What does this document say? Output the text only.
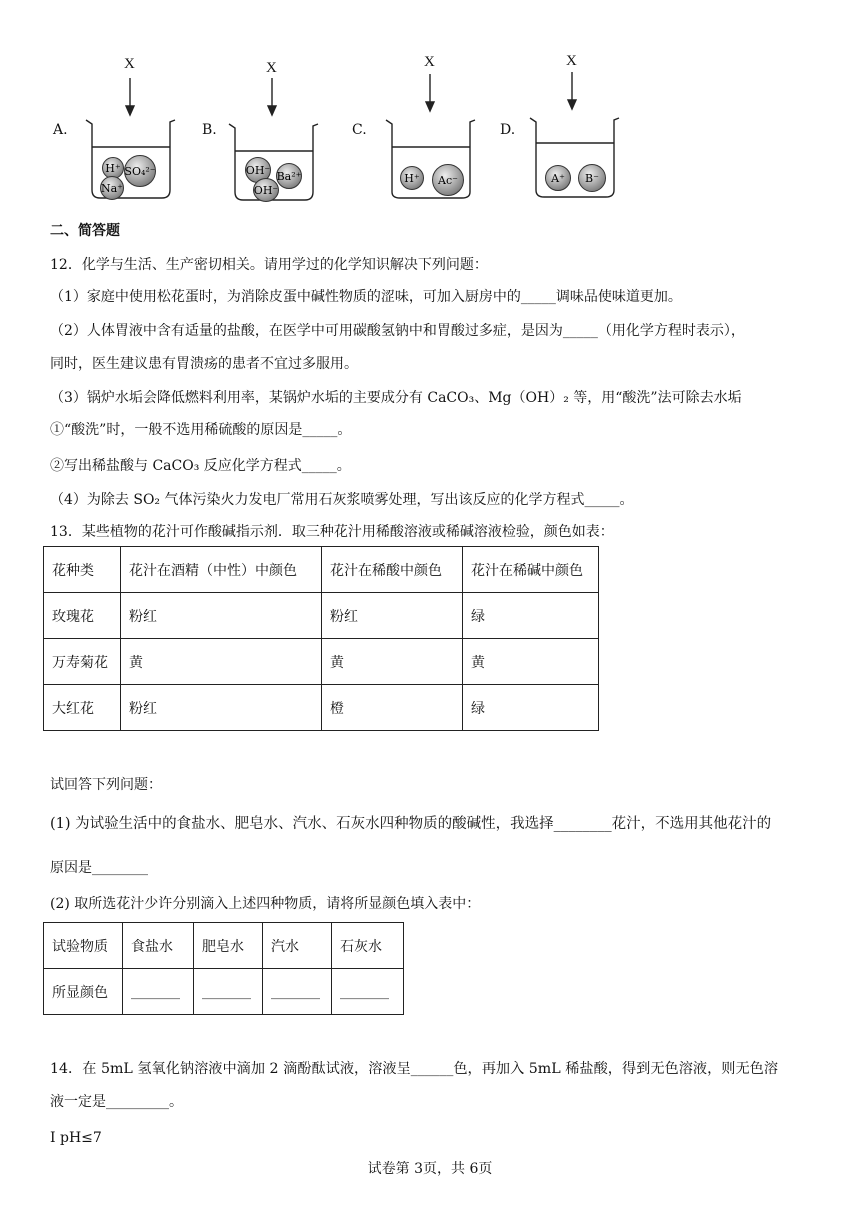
X	X	X	X
A.	B.	C.	D.
H⁺ SO₄²⁻
Na⁺
OH⁻ Ba²⁺
OH⁻
H⁺	Ac⁻	A⁺	B⁻
二、简答题
12．化学与生活、生产密切相关。请用学过的化学知识解决下列问题：
（1）家庭中使用松花蛋时，为消除皮蛋中碱性物质的涩味，可加入厨房中的_____调味品使味道更加。
（2）人体胃液中含有适量的盐酸，在医学中可用碳酸氢钠中和胃酸过多症，是因为_____（用化学方程时表示），
同时，医生建议患有胃溃疡的患者不宜过多服用。
（3）锅炉水垢会降低燃料利用率，某锅炉水垢的主要成分有 CaCO₃、Mg（OH）₂ 等，用“酸洗”法可除去水垢
①“酸洗”时，一般不选用稀硫酸的原因是_____。
②写出稀盐酸与 CaCO₃ 反应化学方程式_____。
（4）为除去 SO₂ 气体污染火力发电厂常用石灰浆喷雾处理，写出该反应的化学方程式_____。
13．某些植物的花汁可作酸碱指示剂．取三种花汁用稀酸溶液或稀碱溶液检验，颜色如表：
花种类	花汁在酒精（中性）中颜色	花汁在稀酸中颜色	花汁在稀碱中颜色
玫瑰花	粉红	粉红	绿
万寿菊花	黄	黄	黄
大红花	粉红	橙	绿
试回答下列问题：
(1) 为试验生活中的食盐水、肥皂水、汽水、石灰水四种物质的酸碱性，我选择________花汁，不选用其他花汁的
原因是________
(2) 取所选花汁少许分别滴入上述四种物质，请将所显颜色填入表中：
试验物质	食盐水	肥皂水	汽水	石灰水
所显颜色	_______	_______	_______	_______
14．在 5mL 氢氧化钠溶液中滴加 2 滴酚酞试液，溶液呈______色，再加入 5mL 稀盐酸，得到无色溶液，则无色溶
液一定是_________。
I pH≤7
试卷第 3页，共 6页
